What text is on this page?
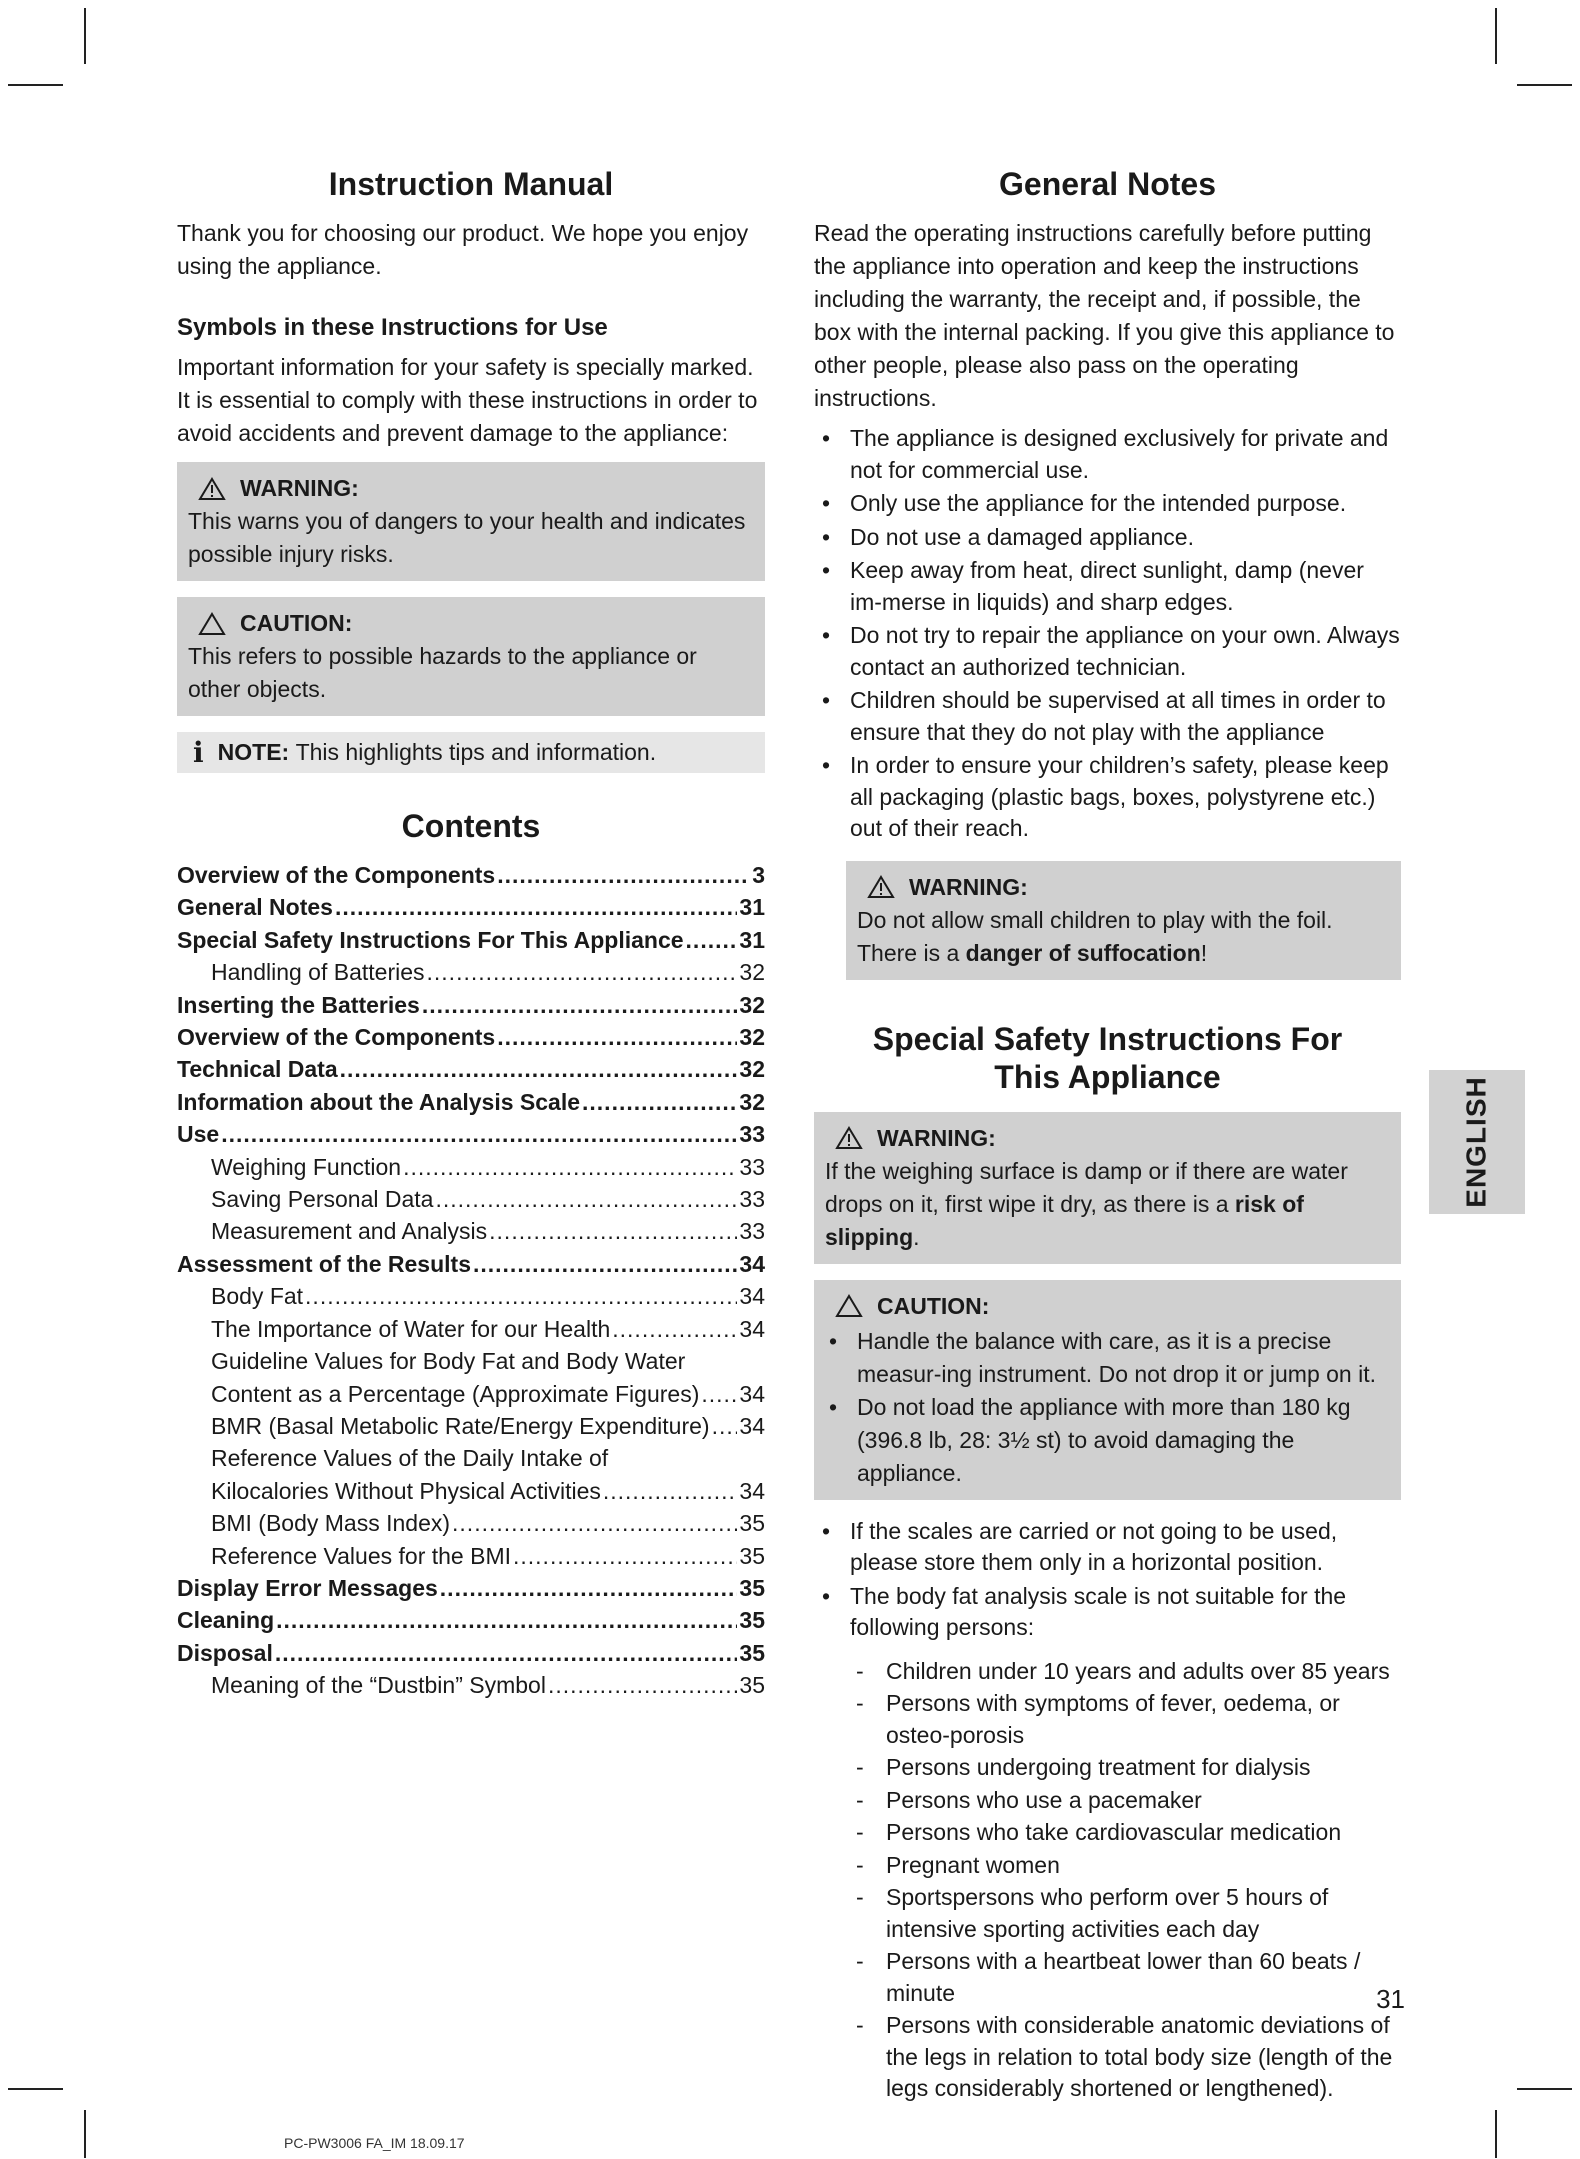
Instruction Manual

Thank you for choosing our product. We hope you enjoy using the appliance.

Symbols in these Instructions for Use

Important information for your safety is specially marked. It is essential to comply with these instructions in order to avoid accidents and prevent damage to the appliance:

WARNING:
This warns you of dangers to your health and indicates possible injury risks.
CAUTION:
This refers to possible hazards to the appliance or other objects.
i NOTE:
This highlights tips and information.
Contents
Overview of the Components .....	3
General Notes .....	31
Special Safety Instructions For This Appliance ..... 31
Handling of Batteries .....	32
Inserting the Batteries .....	32
Overview of the Components .....	32
Technical Data .....	32
Information about the Analysis Scale .....	32
Use .....	33
Weighing Function .....	33
Saving Personal Data .....	33
Measurement and Analysis .....	33
Assessment of the Results .....	34
Body Fat .....	34
The Importance of Water for our Health .....	34
Guideline Values for Body Fat and Body Water
Content as a Percentage (Approximate Figures) ..... 34
BMR (Basal Metabolic Rate/Energy Expenditure) ..... 34
Reference Values of the Daily Intake of
Kilocalories Without Physical Activities .....	34
BMI (Body Mass Index) .....	35
Reference Values for the BMI .....	35
Display Error Messages .....	35
Cleaning .....	35
Disposal .....	35
Meaning of the “Dustbin” Symbol .....	35
General Notes

Read the operating instructions carefully before putting the appliance into operation and keep the instructions including the warranty, the receipt and, if possible, the box with the internal packing. If you give this appliance to other people, please also pass on the operating instructions.

• The appliance is designed exclusively for private and not for commercial use.
• Only use the appliance for the intended purpose.
• Do not use a damaged appliance.
• Keep away from heat, direct sunlight, damp (never im-merse in liquids) and sharp edges.
• Do not try to repair the appliance on your own. Always contact an authorized technician.
• Children should be supervised at all times in order to ensure that they do not play with the appliance
• In order to ensure your children’s safety, please keep all packaging (plastic bags, boxes, polystyrene etc.) out of their reach.
WARNING:
Do not allow small children to play with the foil. There is a danger of suffocation!
Special Safety Instructions For
This Appliance
WARNING:
If the weighing surface is damp or if there are water drops on it, first wipe it dry, as there is a risk of slipping.
CAUTION:
• Handle the balance with care, as it is a precise measur-ing instrument. Do not drop it or jump on it.
• Do not load the appliance with more than 180 kg (396.8 lb, 28: 3½ st) to avoid damaging the appliance.
• If the scales are carried or not going to be used, please store them only in a horizontal position.
• The body fat analysis scale is not suitable for the following persons:
- Children under 10 years and adults over 85 years
- Persons with symptoms of fever, oedema, or osteo-porosis
- Persons undergoing treatment for dialysis
- Persons who use a pacemaker
- Persons who take cardiovascular medication
- Pregnant women
- Sportspersons who perform over 5 hours of intensive sporting activities each day
- Persons with a heartbeat lower than 60 beats / minute
- Persons with considerable anatomic deviations of the legs in relation to total body size (length of the legs considerably shortened or lengthened).
ENGLISH
31
PC-PW3006 FA_IM 18.09.17
